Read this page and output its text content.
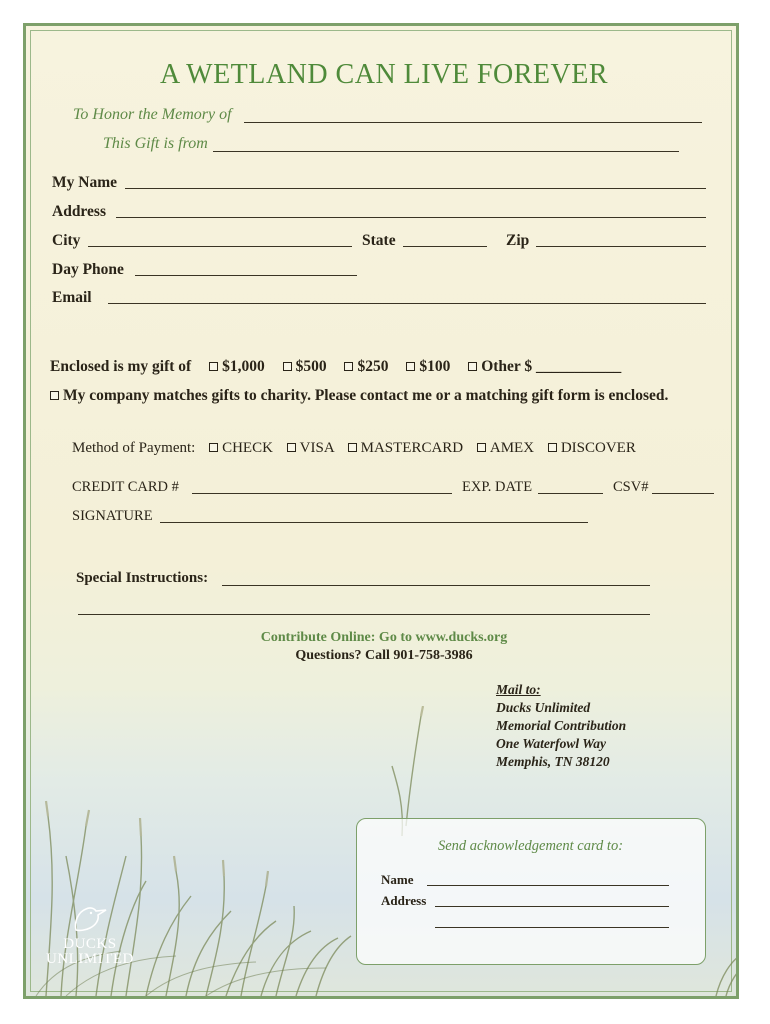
A WETLAND CAN LIVE FOREVER
To Honor the Memory of
This Gift is from
My Name
Address
City	State	Zip
Day Phone
Email
Enclosed is my gift of $1,000 $500 $250 $100 Other $ ___________
My company matches gifts to charity. Please contact me or a matching gift form is enclosed.
Method of Payment: CHECK VISA MASTERCARD AMEX DISCOVER
CREDIT CARD #	EXP. DATE	CSV#
SIGNATURE
Special Instructions:
Contribute Online: Go to www.ducks.org
Questions? Call 901-758-3986
Mail to:
Ducks Unlimited
Memorial Contribution
One Waterfowl Way
Memphis, TN 38120
Send acknowledgement card to:
Name
Address
DUCKS
UNLIMITED
